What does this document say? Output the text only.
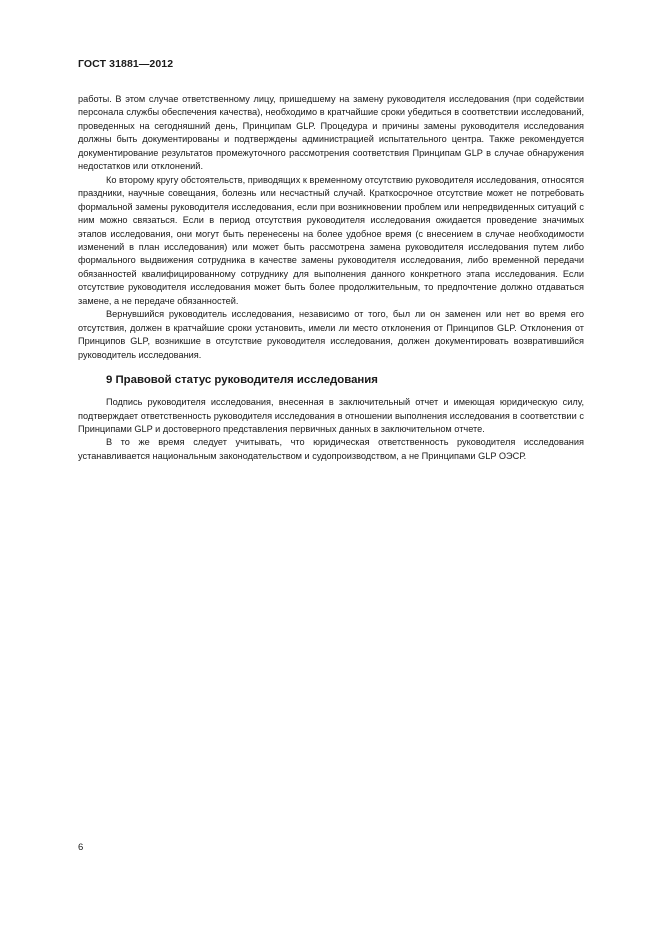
ГОСТ 31881—2012

работы. В этом случае ответственному лицу, пришедшему на замену руководителя исследования (при содействии персонала службы обеспечения качества), необходимо в кратчайшие сроки убедиться в соответствии исследований, проведенных на сегодняшний день, Принципам GLP. Процедура и причины замены руководителя исследования должны быть документированы и подтверждены администрацией испытательного центра. Также рекомендуется документирование результатов промежуточного рассмотрения соответствия Принципам GLP в случае обнаружения недостатков или отклонений.

Ко второму кругу обстоятельств, приводящих к временному отсутствию руководителя исследования, относятся праздники, научные совещания, болезнь или несчастный случай. Краткосрочное отсутствие может не потребовать формальной замены руководителя исследования, если при возникновении проблем или непредвиденных ситуаций с ним можно связаться. Если в период отсутствия руководителя исследования ожидается проведение значимых этапов исследования, они могут быть перенесены на более удобное время (с внесением в случае необходимости изменений в план исследования) или может быть рассмотрена замена руководителя исследования путем либо формального выдвижения сотрудника в качестве замены руководителя исследования, либо временной передачи обязанностей квалифицированному сотруднику для выполнения данного конкретного этапа исследования. Если отсутствие руководителя исследования может быть более продолжительным, то предпочтение должно отдаваться замене, а не передаче обязанностей.

Вернувшийся руководитель исследования, независимо от того, был ли он заменен или нет во время его отсутствия, должен в кратчайшие сроки установить, имели ли место отклонения от Принципов GLP. Отклонения от Принципов GLP, возникшие в отсутствие руководителя исследования, должен документировать возвратившийся руководитель исследования.

9 Правовой статус руководителя исследования

Подпись руководителя исследования, внесенная в заключительный отчет и имеющая юридическую силу, подтверждает ответственность руководителя исследования в отношении выполнения исследования в соответствии с Принципами GLP и достоверного представления первичных данных в заключительном отчете.

В то же время следует учитывать, что юридическая ответственность руководителя исследования устанавливается национальным законодательством и судопроизводством, а не Принципами GLP ОЭСР.

6
